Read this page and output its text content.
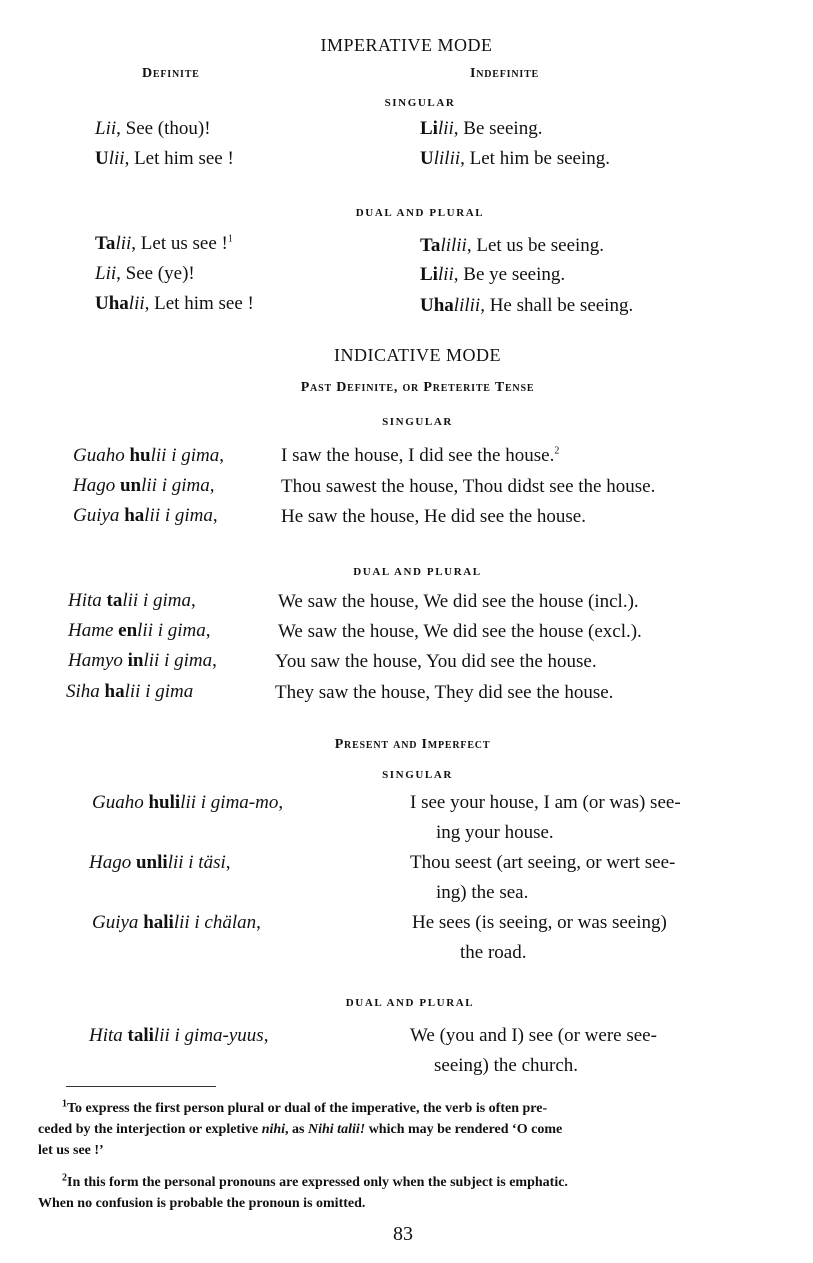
IMPERATIVE MODE
Definite	Indefinite
SINGULAR
Lii, See (thou)!	Lilii, Be seeing.
Ulii, Let him see !	Ulilii, Let him be seeing.
DUAL AND PLURAL
Talii, Let us see !$^1$	Talilii, Let us be seeing.
Lii, See (ye)!	Lilii, Be ye seeing.
Uhalii, Let him see !	Uhalilii, He shall be seeing.
INDICATIVE MODE
Past Definite, or Preterite Tense
SINGULAR
Guaho hulii i gima,	I saw the house, I did see the house.$^2$
Hago unlii i gima,	Thou sawest the house, Thou didst see the house.
Guiya halii i gima,	He saw the house, He did see the house.
DUAL AND PLURAL
Hita talii i gima,	We saw the house, We did see the house (incl.).
Hame enlii i gima,	We saw the house, We did see the house (excl.).
Hamyo inlii i gima,	You saw the house, You did see the house.
Siha halii i gima	They saw the house, They did see the house.
Present and Imperfect
SINGULAR
Guaho hulilii i gima-mo,	I see your house, I am (or was) see-
ing your house.
Hago unlilii i täsi,	Thou seest (art seeing, or wert see-
ing) the sea.
Guiya halilii i chälan,	He sees (is seeing, or was seeing)
the road.
DUAL AND PLURAL
Hita talilii i gima-yuus,	We (you and I) see (or were see-
seeing) the church.
$^1$To express the first person plural or dual of the imperative, the verb is often pre-
ceded by the interjection or expletive nihi, as Nihi talii! which may be rendered ‘O come
let us see !’
$^2$In this form the personal pronouns are expressed only when the subject is emphatic.
When no confusion is probable the pronoun is omitted.
83
